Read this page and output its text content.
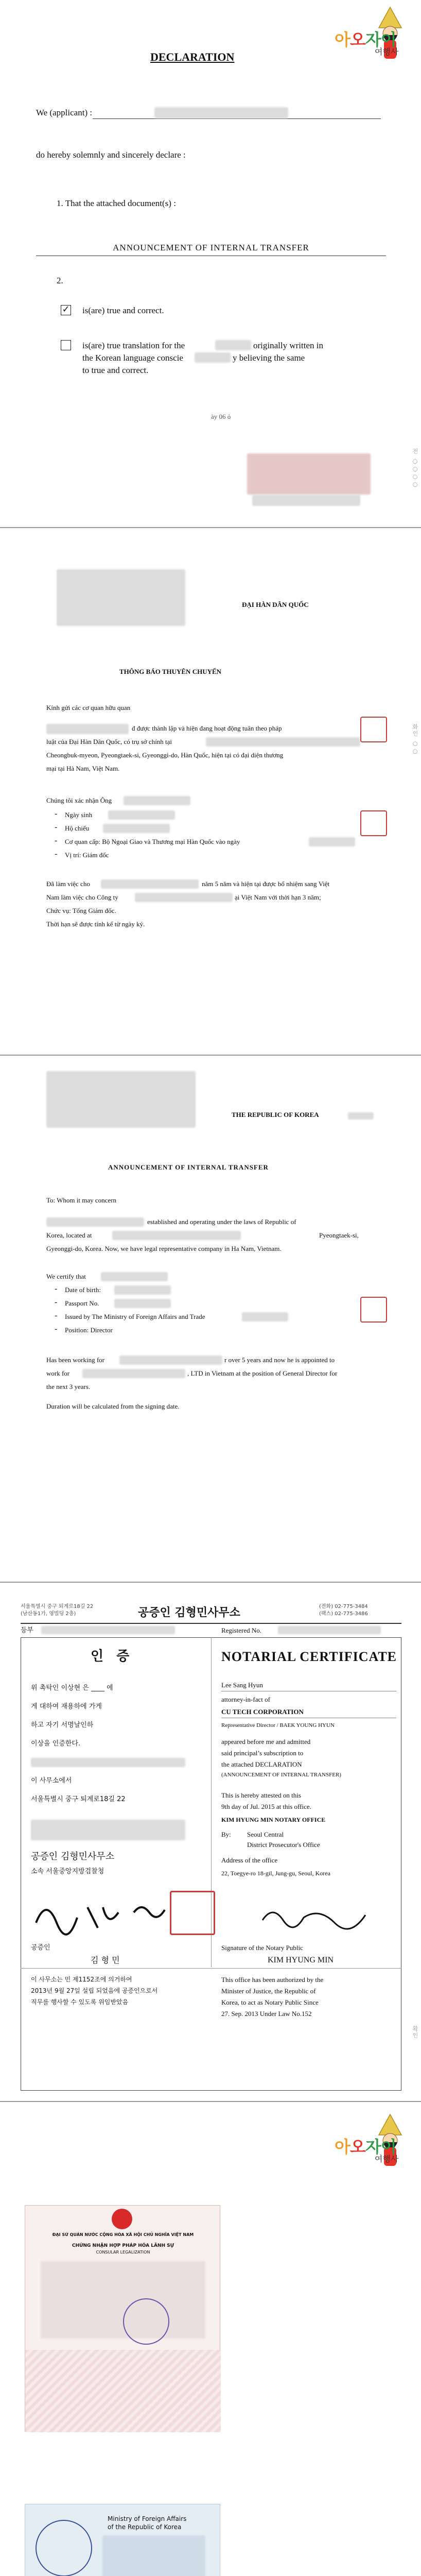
아오자이
여행사
DECLARATION
We (applicant) :
do hereby solemnly and sincerely declare :
1. That the attached document(s) :
ANNOUNCEMENT OF INTERNAL TRANSFER
2.
✓ is(are) true and correct.
is(are) true translation for the	originally written in
the Korean language conscie	y believing the same
to true and correct.
ày 06 ỏ
전 ○○○○
ĐẠI HÀN DÂN QUỐC
THÔNG BÁO THUYÊN CHUYỂN
Kính gửi các cơ quan hữu quan
đ được thành lập và hiện đang hoạt động tuân theo pháp
luật của Đại Hàn Dân Quốc, có trụ sở chính tại
Cheongbuk-myeon, Pyeongtaek-si, Gyeonggi-do, Hàn Quốc, hiện tại có đại diện thương
mại tại Hà Nam, Việt Nam.
Chúng tôi xác nhận Ông
- Ngày sinh
- Hộ chiếu
- Cơ quan cấp: Bộ Ngoại Giao và Thương mại Hàn Quốc vào ngày
- Vị trí: Giám đốc
Đã làm việc cho	năm 5 năm và hiện tại được bổ nhiệm sang Việt
Nam làm việc cho Công ty	ại Việt Nam với thời hạn 3 năm;
Chức vụ: Tổng Giám đốc.
Thời hạn sẽ được tính kể từ ngày ký.
화인 ○○
THE REPUBLIC OF KOREA
ANNOUNCEMENT OF INTERNAL TRANSFER
To: Whom it may concern
established and operating under the laws of Republic of
Korea, located at	Pyeongtaek-si,
Gyeonggi-do, Korea. Now, we have legal representative company in Ha Nam, Vietnam.
We certify that
- Date of birth:
- Passport No.
- Issued by The Ministry of Foreign Affairs and Trade
- Position: Director
Has been working for	r over 5 years and now he is appointed to
work for	, LTD in Vietnam at the position of General Director for
the next 3 years.
Duration will be calculated from the signing date.
서울특별시 중구 퇴계로18길 22
(남산동1가, 영빌딩 2층)	공증인 김형민사무소	(전화) 02-775-3484
(팩스) 02-775-3486
등부	Registered No.
인 증	NOTARIAL CERTIFICATE
위 촉탁인 이상현 은 ____ 에
게 대하여 재용하에 가게
하고 자기 서명날인하
이상을 인증한다.
이 사무소에서
서울특별시 중구 퇴계로18길 22
Lee Sang Hyun
attorney-in-fact of
CU TECH CORPORATION
Representative Director / BAEK YOUNG HYUN
appeared before me and admitted
said principal’s subscription to
the attached DECLARATION
(ANNOUNCEMENT OF INTERNAL TRANSFER)
This is hereby attested on this
9th day of Jul. 2015 at this office.
KIM HYUNG MIN NOTARY OFFICE
By: Seoul Central
District Prosecutor's Office
Address of the office
22, Toegye-ro 18-gil, Jung-gu, Seoul, Korea
공증인 김형민사무소
소속 서울중앙지방검찰청
공증인
김 형 민
Signature of the Notary Public
KIM HYUNG MIN
이 사무소는 민 제1152조에 의거하여
2013년 9월 27일 설립 되었음에 공증인으로서
직무를 행사할 수 있도록 위임받았음
This office has been authorized by the
Minister of Justice, the Republic of
Korea, to act as Notary Public Since
27. Sep. 2013 Under Law No.152
확인
아오자이
여행사
ĐẠI SỨ QUÁN NƯỚC CỘNG HÒA XÃ HỘI CHỦ NGHĨA VIỆT NAM
CHỨNG NHẬN HỢP PHÁP HÓA LÃNH SỰ
CONSULAR LEGALIZATION
Ministry of Foreign Affairs
of the Republic of Korea
